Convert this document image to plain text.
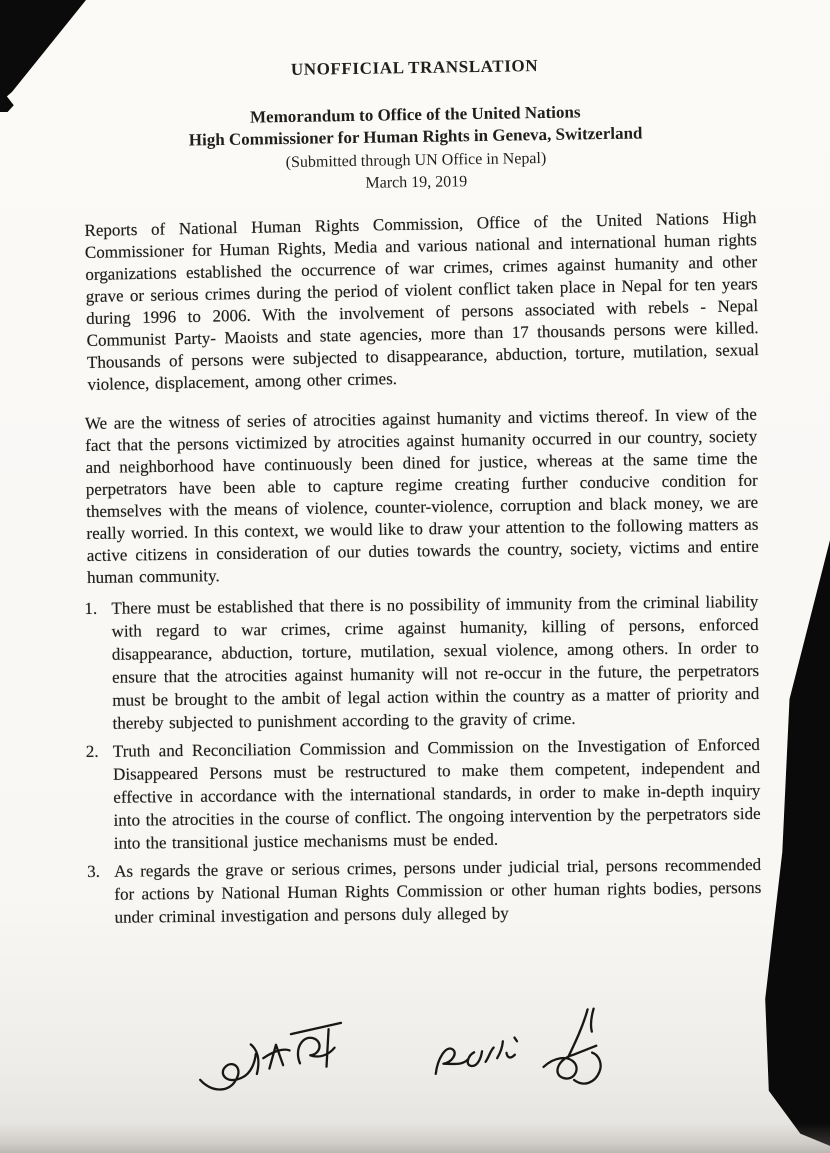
UNOFFICIAL TRANSLATION
Memorandum to Office of the United Nations
High Commissioner for Human Rights in Geneva, Switzerland
(Submitted through UN Office in Nepal)
March 19, 2019

Reports of National Human Rights Commission, Office of the United Nations High Commissioner for Human Rights, Media and various national and international human rights organizations established the occurrence of war crimes, crimes against humanity and other grave or serious crimes during the period of violent conflict taken place in Nepal for ten years during 1996 to 2006. With the involvement of persons associated with rebels - Nepal Communist Party- Maoists and state agencies, more than 17 thousands persons were killed. Thousands of persons were subjected to disappearance, abduction, torture, mutilation, sexual violence, displacement, among other crimes.

We are the witness of series of atrocities against humanity and victims thereof. In view of the fact that the persons victimized by atrocities against humanity occurred in our country, society and neighborhood have continuously been dined for justice, whereas at the same time the perpetrators have been able to capture regime creating further conducive condition for themselves with the means of violence, counter-violence, corruption and black money, we are really worried. In this context, we would like to draw your attention to the following matters as active citizens in consideration of our duties towards the country, society, victims and entire human community.

1. There must be established that there is no possibility of immunity from the criminal liability with regard to war crimes, crime against humanity, killing of persons, enforced disappearance, abduction, torture, mutilation, sexual violence, among others. In order to ensure that the atrocities against humanity will not re-occur in the future, the perpetrators must be brought to the ambit of legal action within the country as a matter of priority and thereby subjected to punishment according to the gravity of crime.
2. Truth and Reconciliation Commission and Commission on the Investigation of Enforced Disappeared Persons must be restructured to make them competent, independent and effective in accordance with the international standards, in order to make in-depth inquiry into the atrocities in the course of conflict. The ongoing intervention by the perpetrators side into the transitional justice mechanisms must be ended.
3. As regards the grave or serious crimes, persons under judicial trial, persons recommended for actions by National Human Rights Commission or other human rights bodies, persons under criminal investigation and persons duly alleged by
